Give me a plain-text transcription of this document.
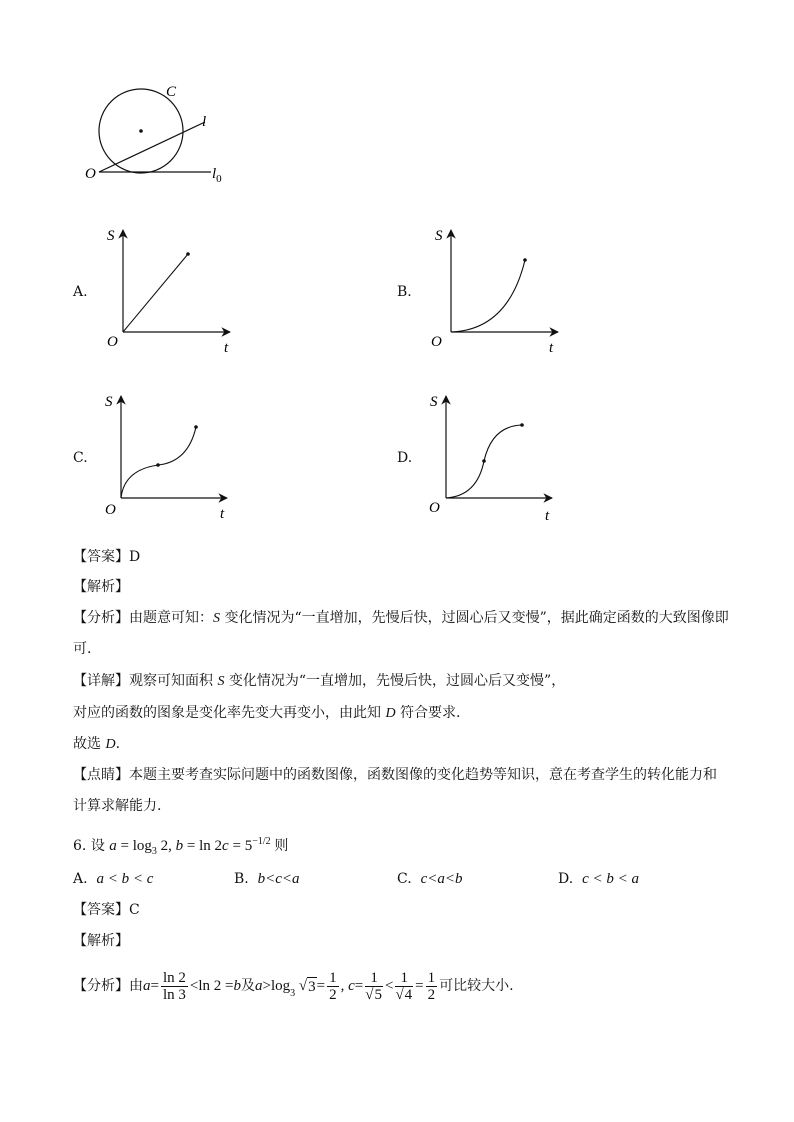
C
l
O	$l_0$
A.
S
O	t
B.
S
O	t
C.
S
O	t
D.
S
O	t
【答案】D
【解析】
【分析】由题意可知：S 变化情况为“一直增加，先慢后快，过圆心后又变慢”，据此确定函数的大致图像即
可.
【详解】观察可知面积 S 变化情况为“一直增加，先慢后快，过圆心后又变慢”，
对应的函数的图象是变化率先变大再变小，由此知 D 符合要求.
故选 D.
【点睛】本题主要考查实际问题中的函数图像，函数图像的变化趋势等知识，意在考查学生的转化能力和
计算求解能力.
6. 设 $a = \log_3 2$, $b = \ln 2c = 5^{-1/2}$ 则
A. a < b < c	B. b<c<a	C. c<a<b	D. c < b < a
【答案】C
【解析】
【分析】由 $a = \frac{\ln 2}{\ln 3} < \ln 2 = b$ 及 $a > \log_3$ √ $3 = \frac{1}{2}$ , $c = \frac{1}{√5} < \frac{1}{√4} = \frac{1}{2}$ 可比较大小.
